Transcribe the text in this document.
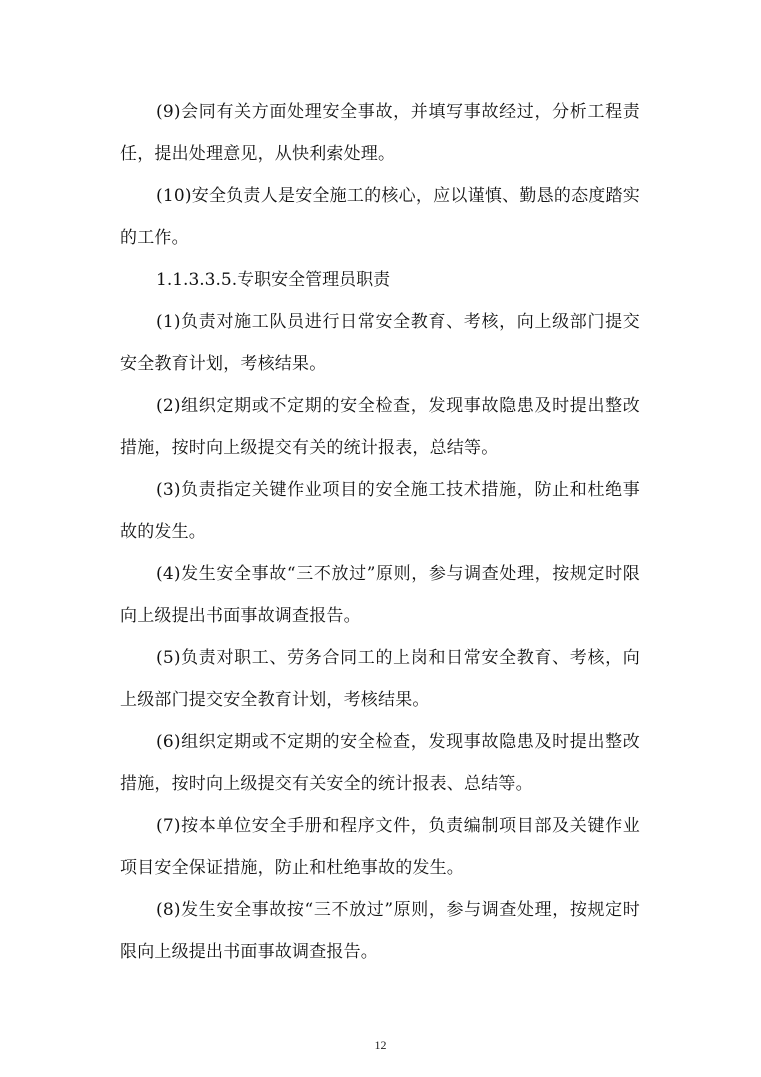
(9)会同有关方面处理安全事故，并填写事故经过，分析工程责任，提出处理意见，从快利索处理。

(10)安全负责人是安全施工的核心，应以谨慎、勤恳的态度踏实的工作。

1.1.3.3.5.专职安全管理员职责

(1)负责对施工队员进行日常安全教育、考核，向上级部门提交安全教育计划，考核结果。

(2)组织定期或不定期的安全检查，发现事故隐患及时提出整改措施，按时向上级提交有关的统计报表，总结等。

(3)负责指定关键作业项目的安全施工技术措施，防止和杜绝事故的发生。

(4)发生安全事故“三不放过”原则，参与调查处理，按规定时限向上级提出书面事故调查报告。

(5)负责对职工、劳务合同工的上岗和日常安全教育、考核，向上级部门提交安全教育计划，考核结果。

(6)组织定期或不定期的安全检查，发现事故隐患及时提出整改措施，按时向上级提交有关安全的统计报表、总结等。

(7)按本单位安全手册和程序文件，负责编制项目部及关键作业项目安全保证措施，防止和杜绝事故的发生。

(8)发生安全事故按“三不放过”原则，参与调查处理，按规定时限向上级提出书面事故调查报告。

12
